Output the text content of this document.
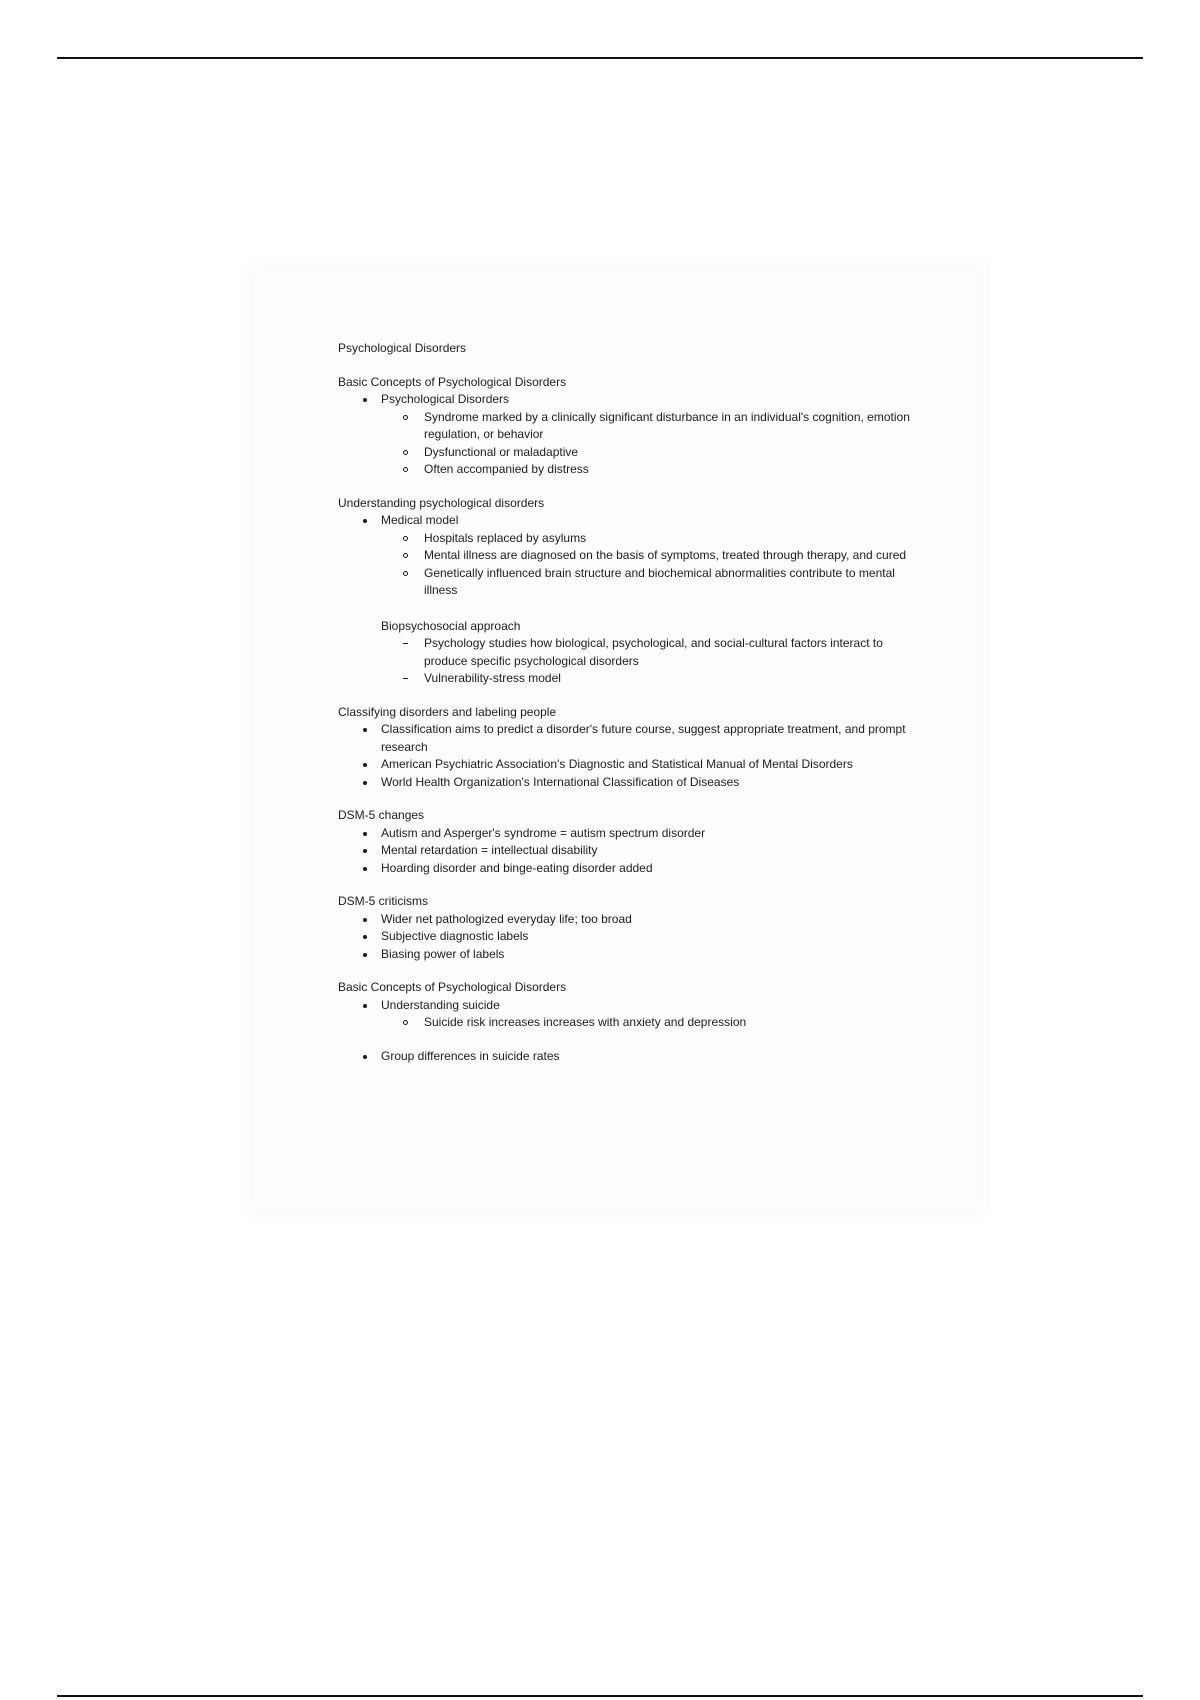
Psychological Disorders

Basic Concepts of Psychological Disorders

Psychological Disorders
Syndrome marked by a clinically significant disturbance in an individual's cognition, emotion regulation, or behavior
Dysfunctional or maladaptive
Often accompanied by distress

Understanding psychological disorders

Medical model
Hospitals replaced by asylums
Mental illness are diagnosed on the basis of symptoms, treated through therapy, and cured
Genetically influenced brain structure and biochemical abnormalities contribute to mental illness
Biopsychosocial approach
Psychology studies how biological, psychological, and social-cultural factors interact to produce specific psychological disorders
Vulnerability-stress model

Classifying disorders and labeling people

Classification aims to predict a disorder's future course, suggest appropriate treatment, and prompt research
American Psychiatric Association's Diagnostic and Statistical Manual of Mental Disorders
World Health Organization's International Classification of Diseases

DSM-5 changes

Autism and Asperger's syndrome = autism spectrum disorder
Mental retardation = intellectual disability
Hoarding disorder and binge-eating disorder added

DSM-5 criticisms

Wider net pathologized everyday life; too broad
Subjective diagnostic labels
Biasing power of labels

Basic Concepts of Psychological Disorders

Understanding suicide
Suicide risk increases increases with anxiety and depression
Group differences in suicide rates
